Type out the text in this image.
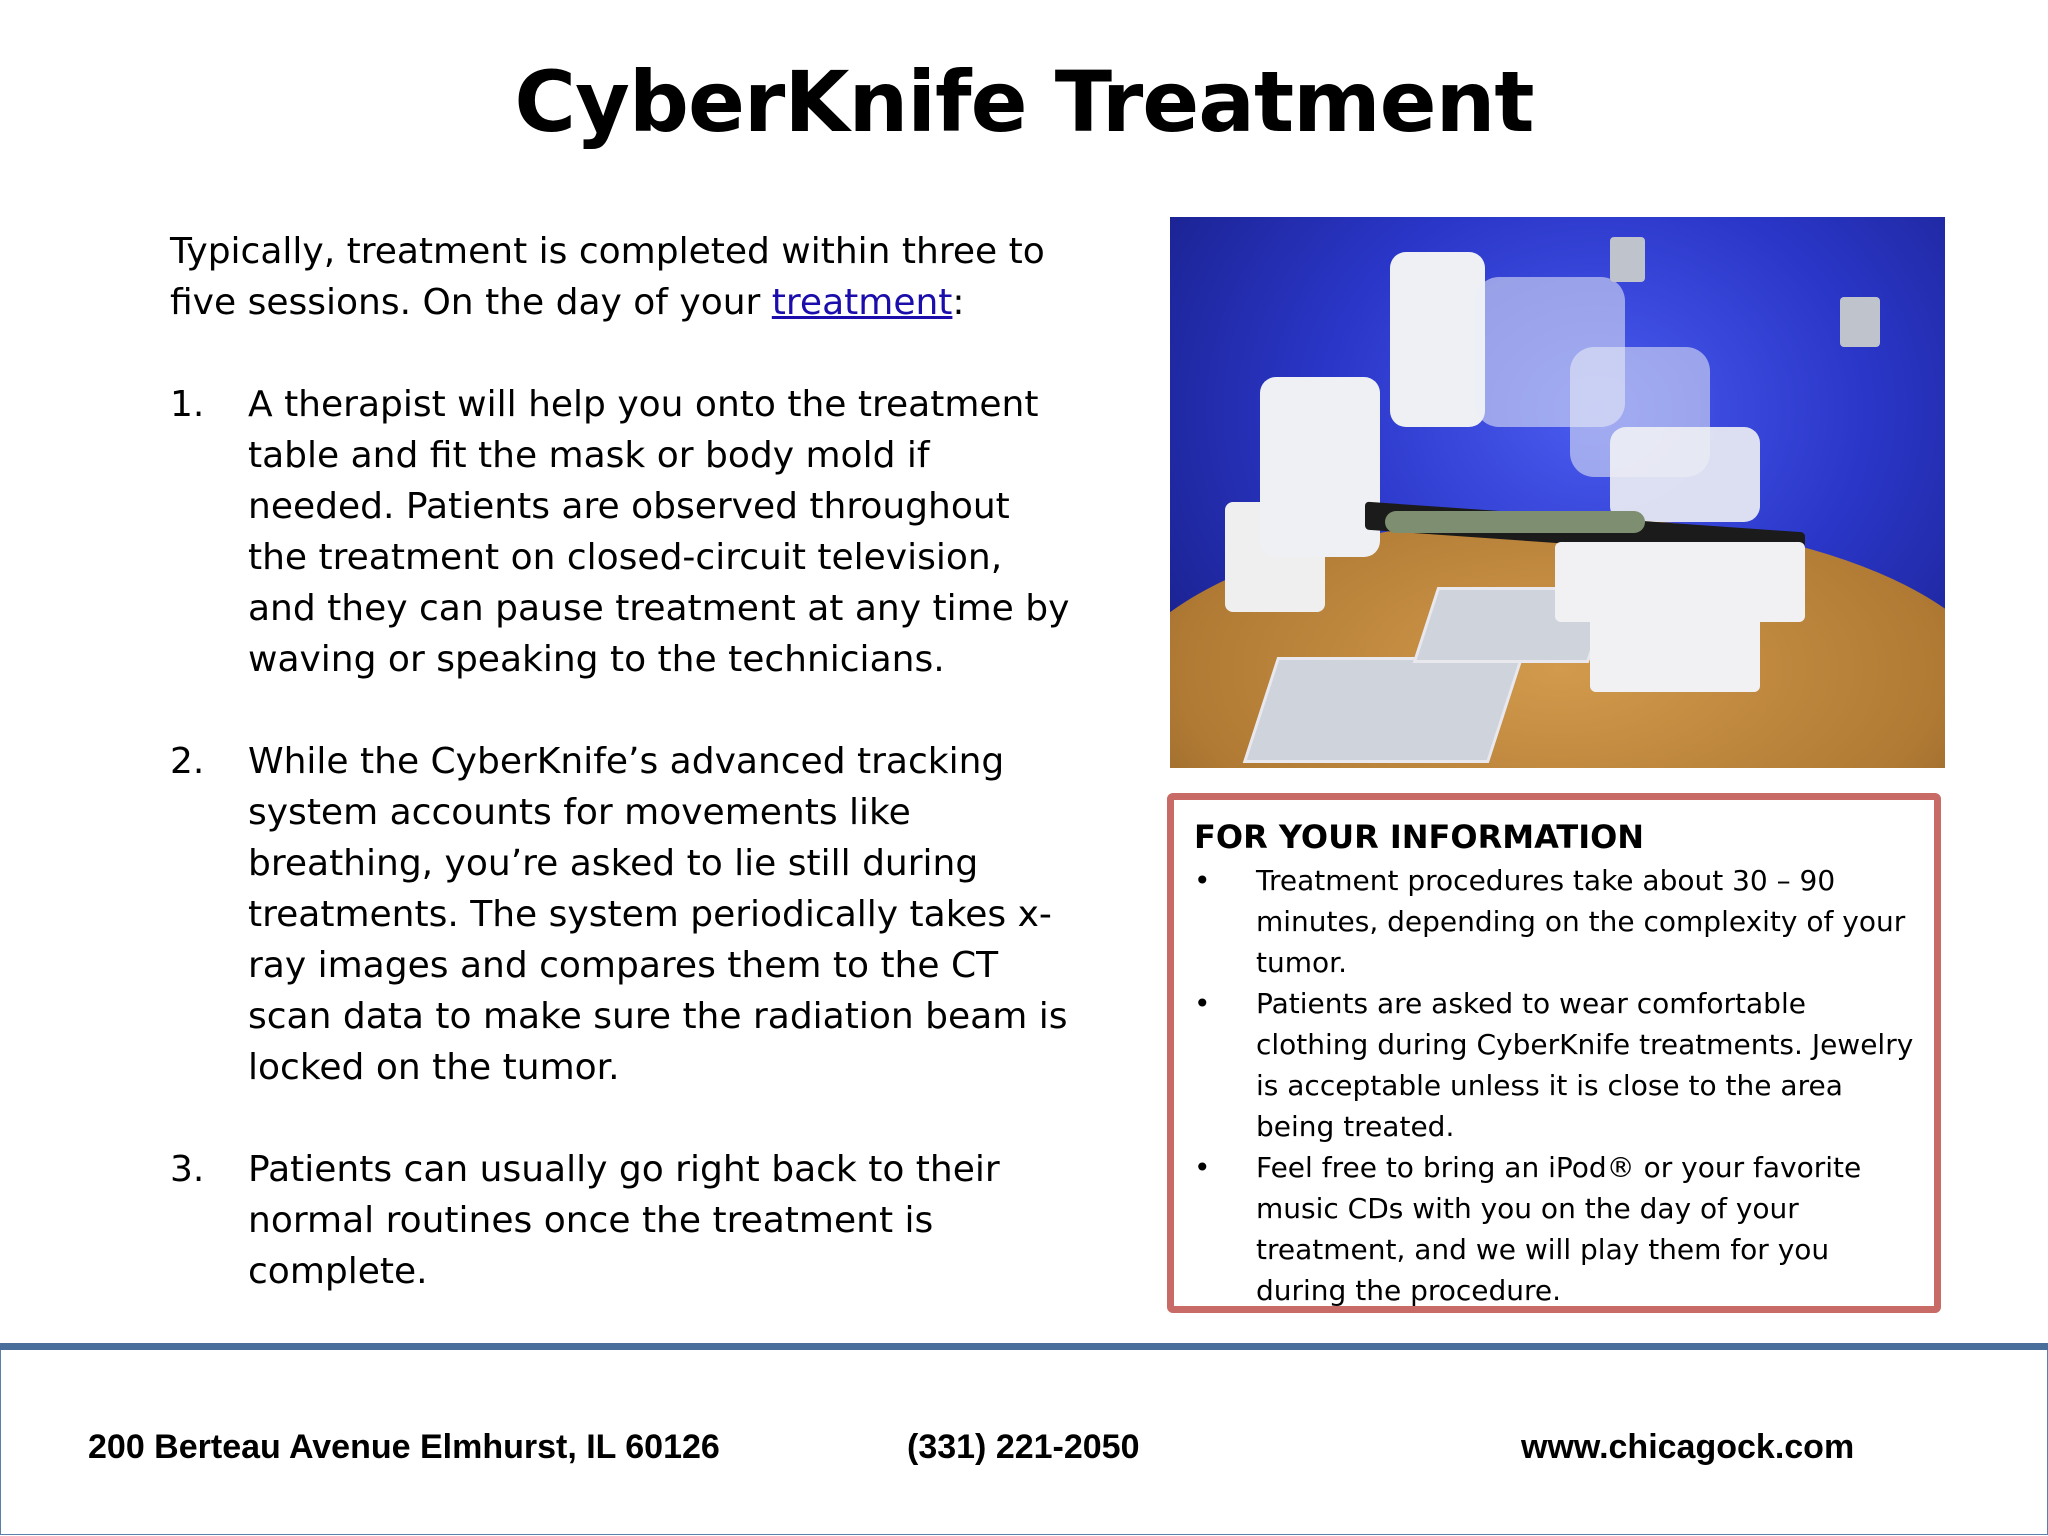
CyberKnife Treatment

Typically, treatment is completed within three to five sessions. On the day of your treatment:

1. A therapist will help you onto the treatment table and fit the mask or body mold if needed. Patients are observed throughout the treatment on closed-circuit television, and they can pause treatment at any time by waving or speaking to the technicians.
2. While the CyberKnife’s advanced tracking system accounts for movements like breathing, you’re asked to lie still during treatments. The system periodically takes x-ray images and compares them to the CT scan data to make sure the radiation beam is locked on the tumor.
3. Patients can usually go right back to their normal routines once the treatment is complete.
FOR YOUR INFORMATION
• Treatment procedures take about 30 – 90 minutes, depending on the complexity of your tumor.
• Patients are asked to wear comfortable clothing during CyberKnife treatments. Jewelry is acceptable unless it is close to the area being treated.
• Feel free to bring an iPod® or your favorite music CDs with you on the day of your treatment, and we will play them for you during the procedure.
200 Berteau Avenue Elmhurst, IL 60126	(331) 221-2050	www.chicagock.com
